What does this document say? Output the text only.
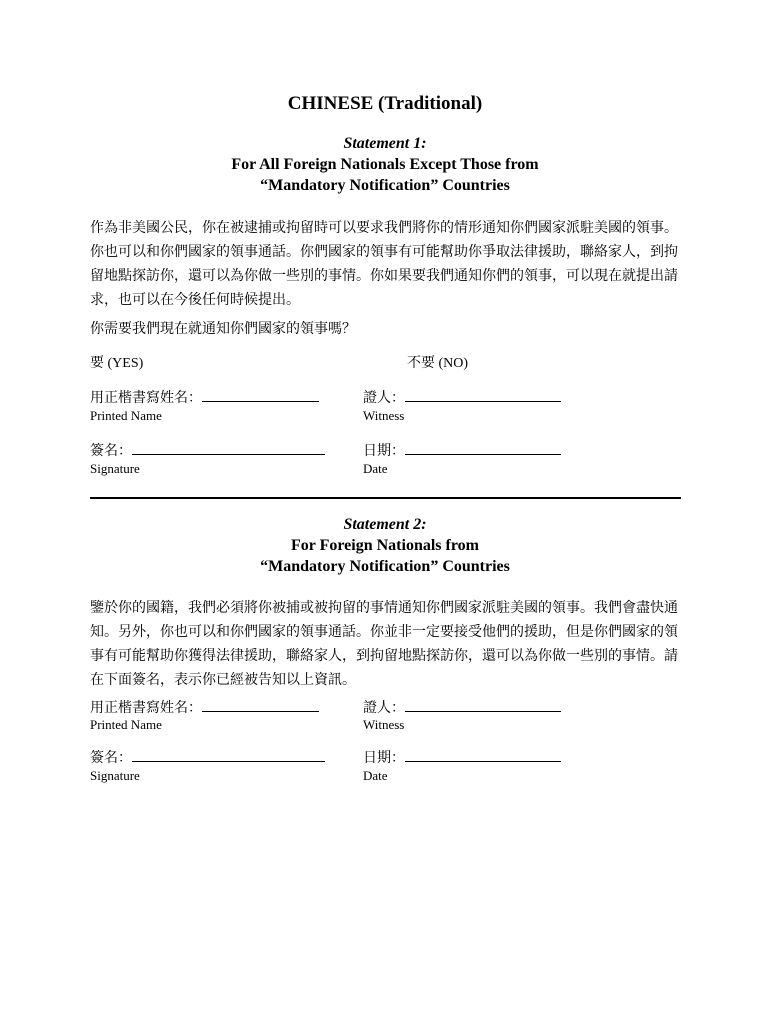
CHINESE (Traditional)
Statement 1:
For All Foreign Nationals Except Those from
“Mandatory Notification” Countries
作為非美國公民，你在被逮捕或拘留時可以要求我們將你的情形通知你們國家派駐美國的領事。
你也可以和你們國家的領事通話。你們國家的領事有可能幫助你爭取法律援助，聯絡家人，到拘
留地點探訪你，還可以為你做一些別的事情。你如果要我們通知你們的領事，可以現在就提出請
求，也可以在今後任何時候提出。
你需要我們現在就通知你們國家的領事嗎？
要 (YES)	不要 (NO)
用正楷書寫姓名：
Printed Name
證人：
Witness
簽名：
Signature
日期：
Date
Statement 2:
For Foreign Nationals from
“Mandatory Notification” Countries
鑒於你的國籍，我們必須將你被捕或被拘留的事情通知你們國家派駐美國的領事。我們會盡快通
知。另外，你也可以和你們國家的領事通話。你並非一定要接受他們的援助，但是你們國家的領
事有可能幫助你獲得法律援助，聯絡家人，到拘留地點探訪你，還可以為你做一些別的事情。請
在下面簽名，表示你已經被告知以上資訊。
用正楷書寫姓名：
Printed Name
證人：
Witness
簽名：
Signature
日期：
Date
